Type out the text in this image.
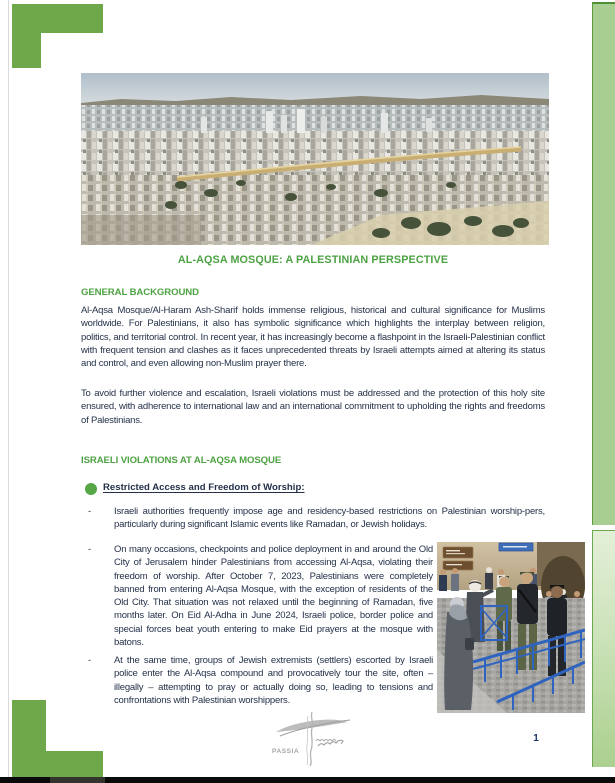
AL-AQSA MOSQUE: A PALESTINIAN PERSPECTIVE
GENERAL BACKGROUND
Al-Aqsa Mosque/Al-Haram Ash-Sharif holds immense religious, historical and cultural significance for Muslims worldwide. For Palestinians, it also has symbolic significance which highlights the interplay between religion, politics, and territorial control. In recent year, it has increasingly become a flashpoint in the Israeli-Palestinian conflict with frequent tension and clashes as it faces unprecedented threats by Israeli attempts aimed at altering its status and control, and even allowing non-Muslim prayer there.
To avoid further violence and escalation, Israeli violations must be addressed and the protection of this holy site ensured, with adherence to international law and an international commitment to upholding the rights and freedoms of Palestinians.
ISRAELI VIOLATIONS AT AL-AQSA MOSQUE
Restricted Access and Freedom of Worship:
- Israeli authorities frequently impose age and residency-based restrictions on Palestinian worship-pers, particularly during significant Islamic events like Ramadan, or Jewish holidays.
- On many occasions, checkpoints and police deployment in and around the Old City of Jerusalem hinder Palestinians from accessing Al-Aqsa, violating their freedom of worship. After October 7, 2023, Palestinians were completely banned from entering Al-Aqsa Mosque, with the exception of residents of the Old City. That situation was not relaxed until the beginning of Ramadan, five months later. On Eid Al-Adha in June 2024, Israeli police, border police and special forces beat youth entering to make Eid prayers at the mosque with batons.
- At the same time, groups of Jewish extremists (settlers) escorted by Israeli police enter the Al-Aqsa compound and provocatively tour the site, often – illegally – attempting to pray or actually doing so, leading to tensions and confrontations with Palestinian worshippers.
PASSIA
1
